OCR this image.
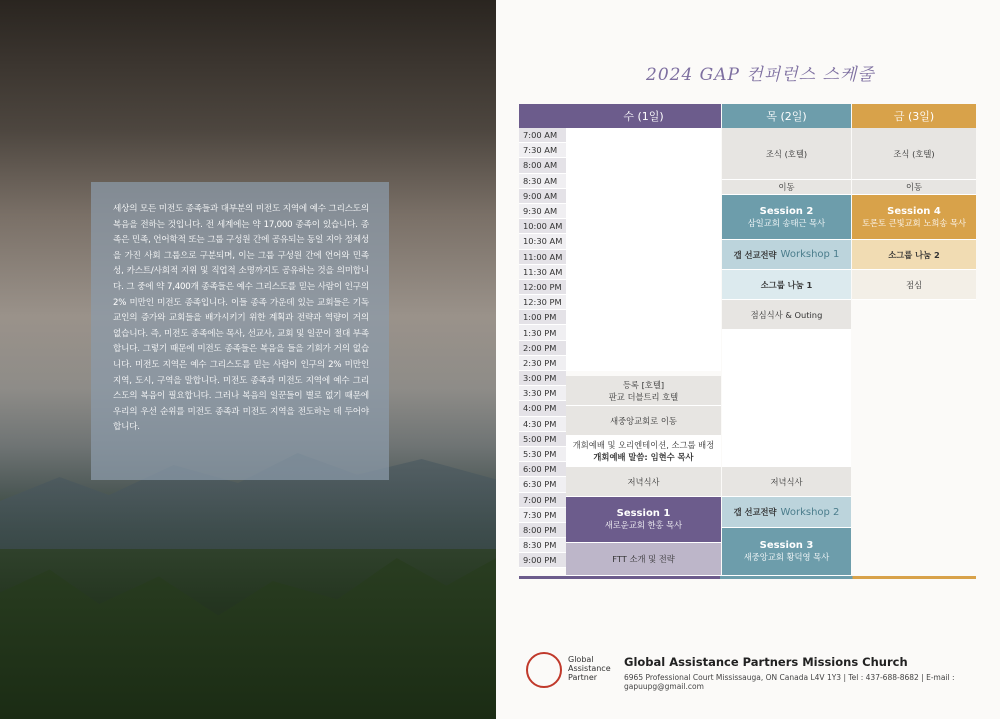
세상의 모든 미전도 종족들과 대부분의 미전도 지역에 예수 그리스도의 복음을 전하는 것입니다. 전 세계에는 약 17,000 종족이 있습니다. 종족은 민족, 언어학적 또는 그룹 구성원 간에 공유되는 동일 지아 정체성을 가진 사회 그룹으로 구분되며, 이는 그룹 구성원 간에 언어와 민족성, 카스트/사회적 지위 및 직업적 소명까지도 공유하는 것을 의미합니다. 그 중에 약 7,400개 종족들은 예수 그리스도를 믿는 사람이 인구의 2% 미만인 미전도 종족입니다. 이들 종족 가운데 있는 교회들은 기독교인의 증가와 교회들을 배가시키기 위한 계획과 전략과 역량이 거의 없습니다. 즉, 미전도 종족에는 목사, 선교사, 교회 및 일꾼이 절대 부족합니다. 그렇기 때문에 미전도 종족들은 복음을 들을 기회가 거의 없습니다. 미전도 지역은 예수 그리스도를 믿는 사람이 인구의 2% 미만인 지역, 도시, 구역을 말합니다. 미전도 종족과 미전도 지역에 예수 그리스도의 복음이 필요합니다. 그러나 복음의 일꾼들이 별로 없기 때문에 우리의 우선 순위를 미전도 종족과 미전도 지역을 전도하는 데 두어야 합니다.

2024 GAP 컨퍼런스 스케줄
수 (1일)	목 (2일)	금 (3일)
7:00 AM
7:30 AM
8:00 AM
8:30 AM
9:00 AM
9:30 AM
10:00 AM
10:30 AM
11:00 AM
11:30 AM
12:00 PM
12:30 PM
1:00 PM
1:30 PM
2:00 PM
2:30 PM
3:00 PM
3:30 PM
4:00 PM
4:30 PM
5:00 PM
5:30 PM
6:00 PM
6:30 PM
7:00 PM
7:30 PM
8:00 PM
8:30 PM
9:00 PM
등록 [호텔]
판교 더블트리 호텔
새중앙교회로 이동
개회예배 및 오리엔테이션, 소그룹 배정
개회예배 말씀: 임현수 목사
저녁식사
Session 1
새로운교회 한홍 목사
FTT 소개 및 전략
조식 (호텔)
이동
Session 2
삼일교회 송태근 목사
갭 선교전략 Workshop 1
소그룹 나눔 1
점심식사 & Outing
저녁식사
갭 선교전략 Workshop 2
Session 3
새중앙교회 황덕영 목사
조식 (호텔)
이동
Session 4
토론토 큰빛교회 노희송 목사
소그룹 나눔 2
점심
Global
Assistance
Partner
Global Assistance Partners Missions Church
6965 Professional Court Mississauga, ON Canada L4V 1Y3 | Tel : 437-688-8682 | E-mail : gapuupg@gmail.com
